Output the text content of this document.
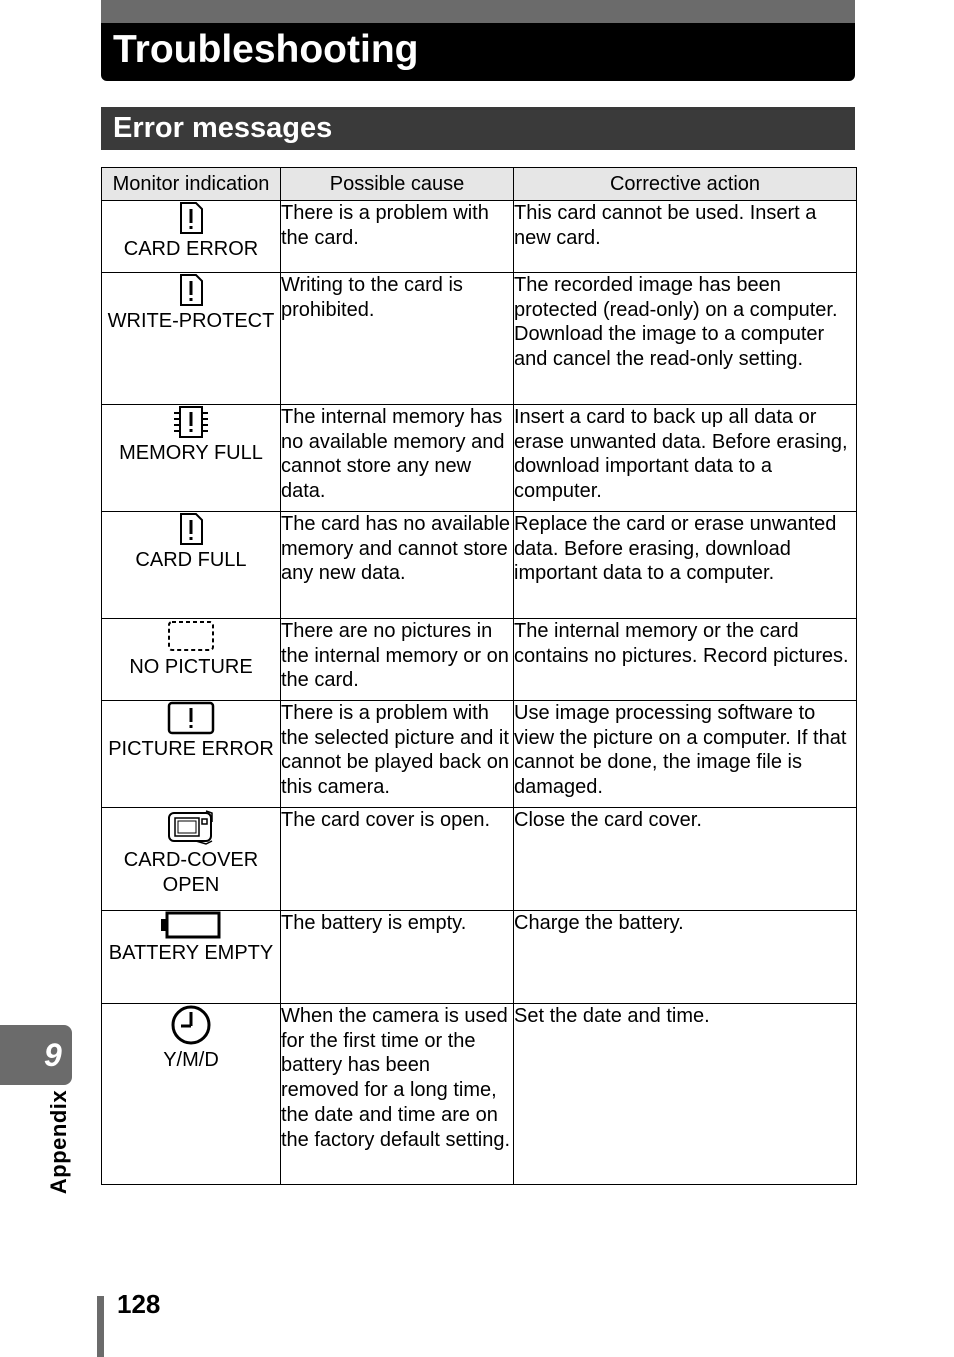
Troubleshooting
Error messages
Monitor indication	Possible cause	Corrective action

CARD ERROR	There is a problem with the card.	This card cannot be used. Insert a new card.

WRITE-PROTECT	Writing to the card is prohibited.	The recorded image has been protected (read-only) on a computer. Download the image to a computer and cancel the read-only setting.

MEMORY FULL	The internal memory has no available memory and cannot store any new data.	Insert a card to back up all data or erase unwanted data. Before erasing, download important data to a computer.

CARD FULL	The card has no available memory and cannot store any new data.	Replace the card or erase unwanted data. Before erasing, download important data to a computer.

NO PICTURE	There are no pictures in the internal memory or on the card.	The internal memory or the card contains no pictures. Record pictures.

PICTURE ERROR	There is a problem with the selected picture and it cannot be played back on this camera.	Use image processing software to view the picture on a computer. If that cannot be done, the image file is damaged.

CARD-COVER OPEN	The card cover is open.	Close the card cover.

BATTERY EMPTY	The battery is empty.	Charge the battery.

Y/M/D	When the camera is used for the first time or the battery has been removed for a long time, the date and time are on the factory default setting.	Set the date and time.
9
Appendix
128
